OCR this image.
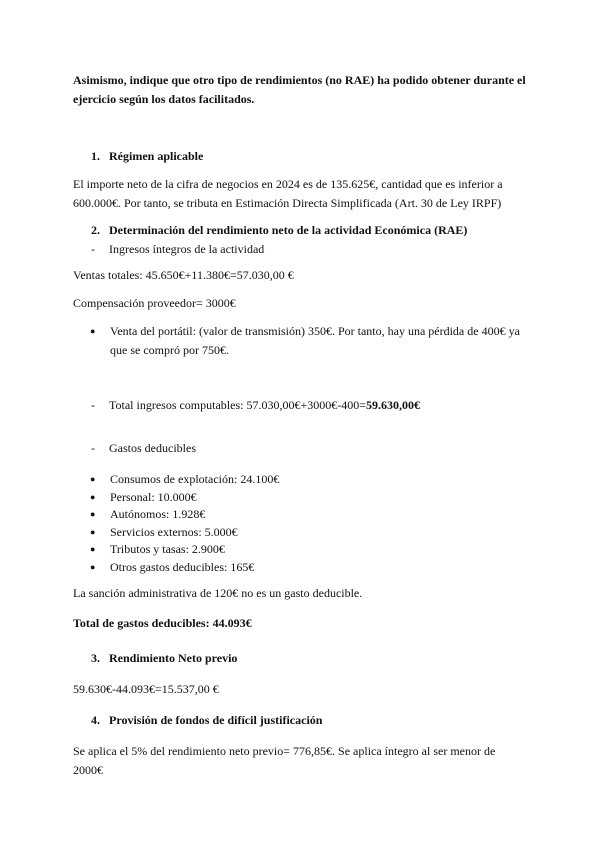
Asimismo, indique que otro tipo de rendimientos (no RAE) ha podido obtener durante el ejercicio según los datos facilitados.
1. Régimen aplicable
El importe neto de la cifra de negocios en 2024 es de 135.625€, cantidad que es inferior a 600.000€. Por tanto, se tributa en Estimación Directa Simplificada (Art. 30 de Ley IRPF)
2. Determinación del rendimiento neto de la actividad Económica (RAE)
- Ingresos íntegros de la actividad
Ventas totales: 45.650€+11.380€=57.030,00 €
Compensación proveedor= 3000€
● Venta del portátil: (valor de transmisión) 350€. Por tanto, hay una pérdida de 400€ ya que se compró por 750€.
- Total ingresos computables: 57.030,00€+3000€-400=59.630,00€
- Gastos deducibles
● Consumos de explotación: 24.100€
● Personal: 10.000€
● Autónomos: 1.928€
● Servicios externos: 5.000€
● Tributos y tasas: 2.900€
● Otros gastos deducibles: 165€
La sanción administrativa de 120€ no es un gasto deducible.
Total de gastos deducibles: 44.093€
3. Rendimiento Neto previo
59.630€-44.093€=15.537,00 €
4. Provisión de fondos de difícil justificación
Se aplica el 5% del rendimiento neto previo= 776,85€. Se aplica íntegro al ser menor de 2000€
